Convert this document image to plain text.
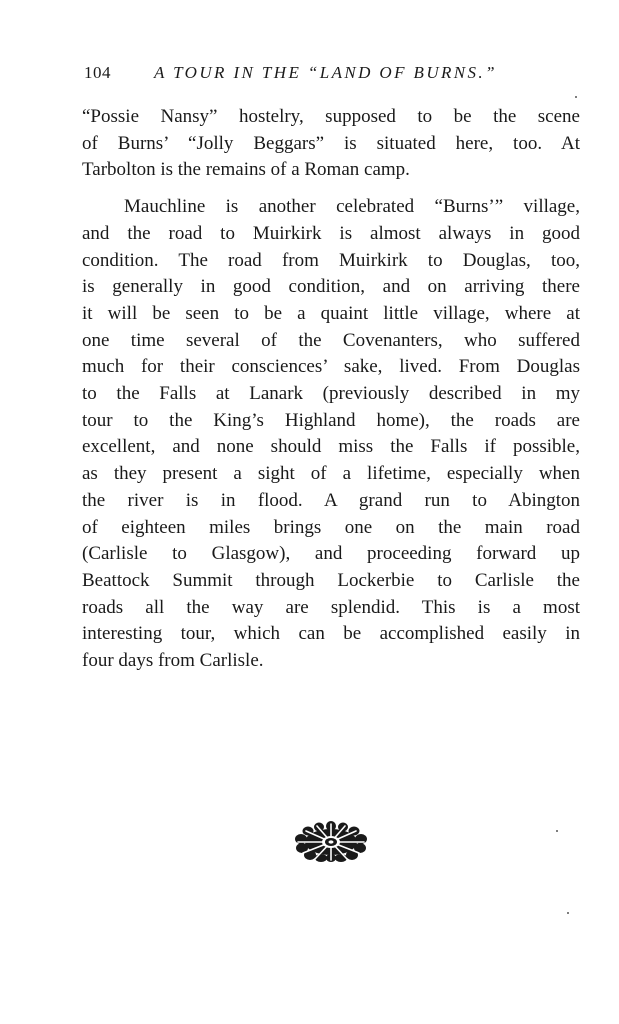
104	A TOUR IN THE “LAND OF BURNS.”

“Possie Nansy” hostelry, supposed to be the scene
of Burns’ “Jolly Beggars” is situated here, too. At
Tarbolton is the remains of a Roman camp.

Mauchline is another celebrated “Burns’” village,
and the road to Muirkirk is almost always in good
condition. The road from Muirkirk to Douglas, too,
is generally in good condition, and on arriving there
it will be seen to be a quaint little village, where at
one time several of the Covenanters, who suffered
much for their consciences’ sake, lived. From Douglas
to the Falls at Lanark (previously described in my
tour to the King’s Highland home), the roads are
excellent, and none should miss the Falls if possible,
as they present a sight of a lifetime, especially when
the river is in flood. A grand run to Abington
of eighteen miles brings one on the main road
(Carlisle to Glasgow), and proceeding forward up
Beattock Summit through Lockerbie to Carlisle the
roads all the way are splendid. This is a most
interesting tour, which can be accomplished easily in
four days from Carlisle.
